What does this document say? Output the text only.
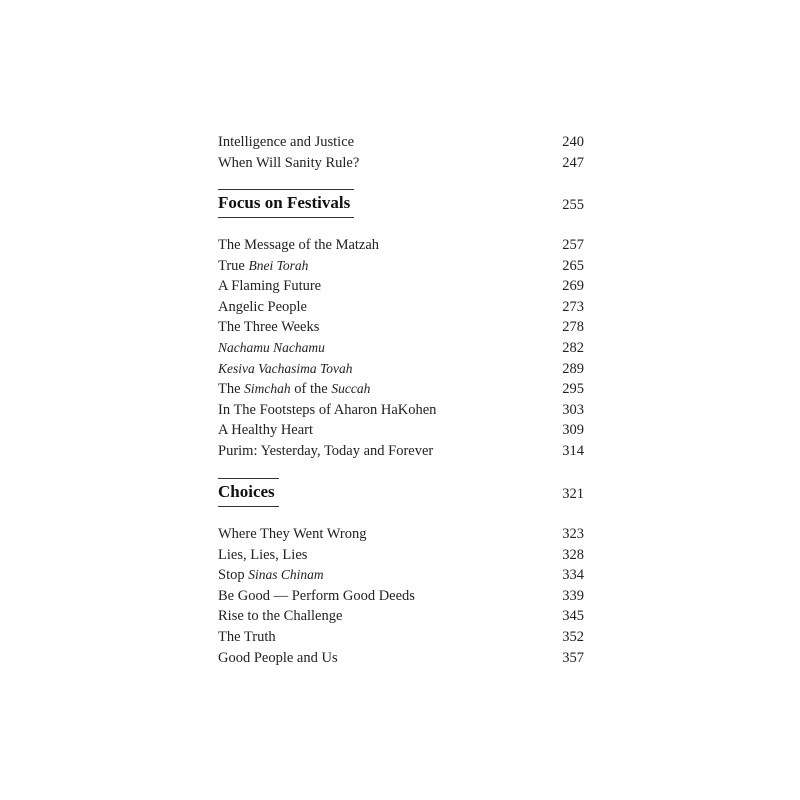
Intelligence and Justice	240
When Will Sanity Rule?	247
Focus on Festivals	255
The Message of the Matzah	257
True Bnei Torah	265
A Flaming Future	269
Angelic People	273
The Three Weeks	278
Nachamu Nachamu	282
Kesiva Vachasima Tovah	289
The Simchah of the Succah	295
In The Footsteps of Aharon HaKohen	303
A Healthy Heart	309
Purim: Yesterday, Today and Forever	314
Choices	321
Where They Went Wrong	323
Lies, Lies, Lies	328
Stop Sinas Chinam	334
Be Good — Perform Good Deeds	339
Rise to the Challenge	345
The Truth	352
Good People and Us	357
